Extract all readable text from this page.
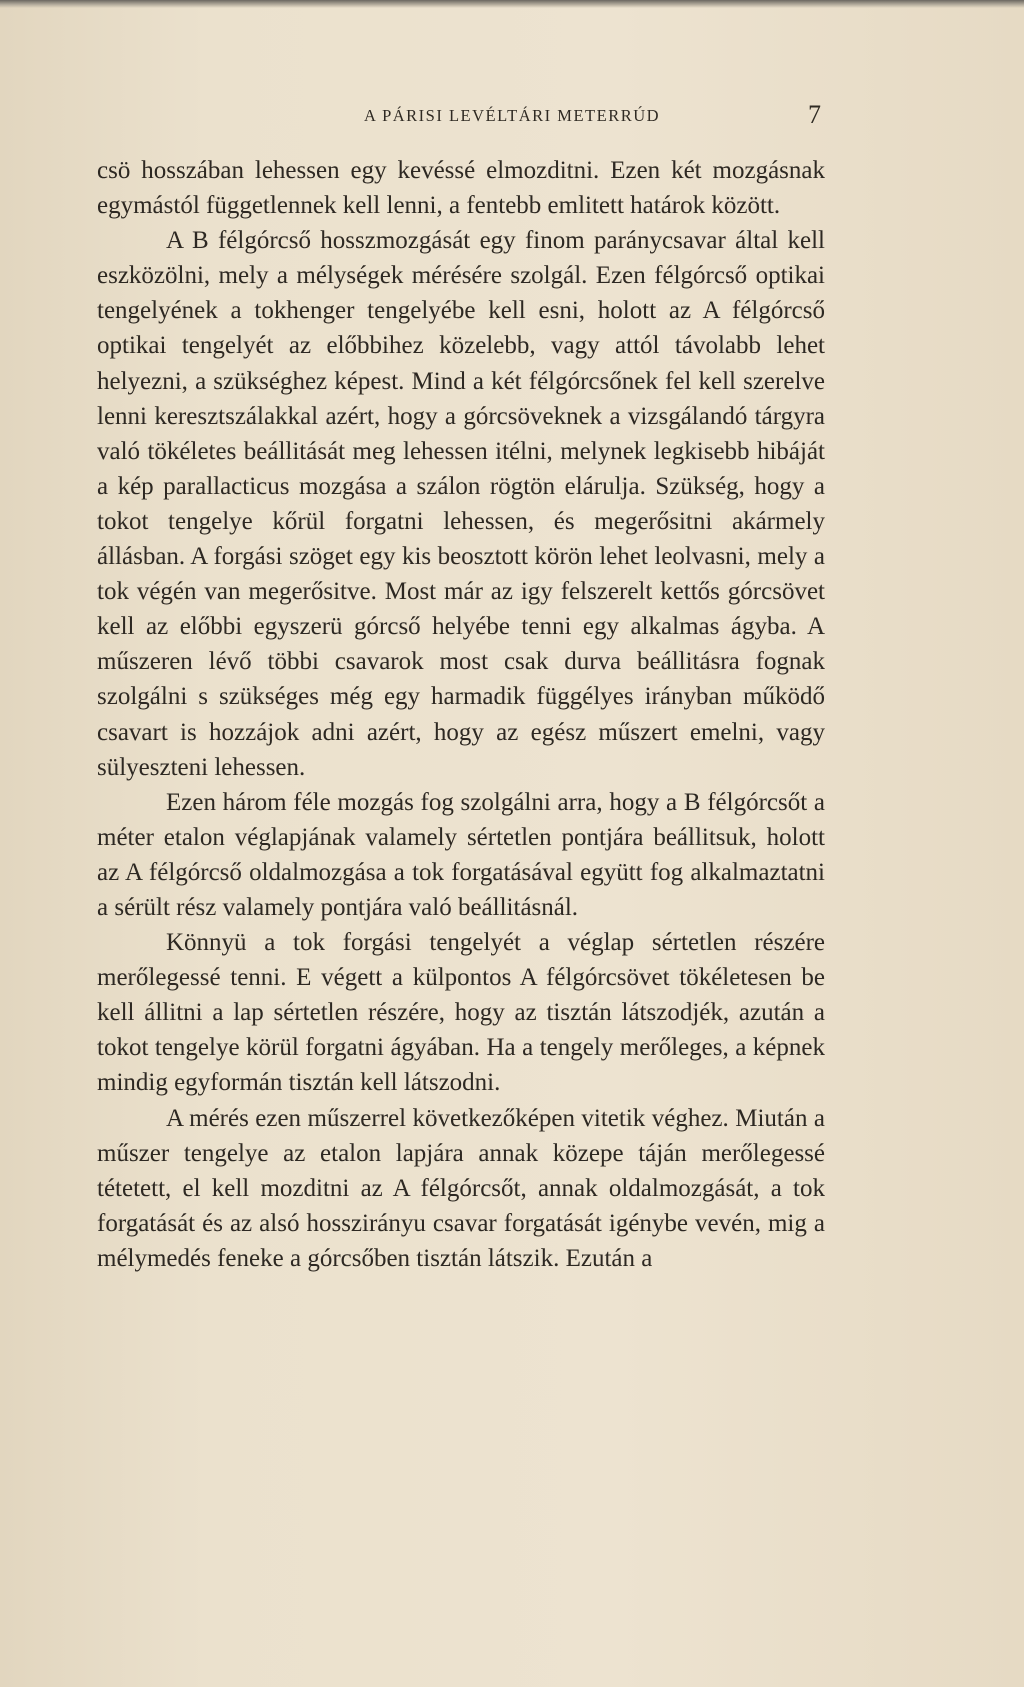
A PÁRISI LEVÉLTÁRI METERRÚD	7

csö hosszában lehessen egy kevéssé elmozditni. Ezen két mozgásnak egymástól függetlennek kell lenni, a fentebb emlitett határok között.

A B félgórcső hosszmozgását egy finom paránycsavar által kell eszközölni, mely a mélységek mérésére szolgál. Ezen félgórcső optikai tengelyének a tokhenger tengelyébe kell esni, holott az A félgórcső optikai tengelyét az előbbihez közelebb, vagy attól távolabb lehet helyezni, a szükséghez képest. Mind a két félgórcsőnek fel kell szerelve lenni keresztszálakkal azért, hogy a górcsöveknek a vizsgálandó tárgyra való tökéletes beállitását meg lehessen itélni, melynek legkisebb hibáját a kép parallacticus mozgása a szálon rögtön elárulja. Szükség, hogy a tokot tengelye kőrül forgatni lehessen, és megerősitni akármely állásban. A forgási szöget egy kis beosztott körön lehet leolvasni, mely a tok végén van megerősitve. Most már az igy felszerelt kettős górcsövet kell az előbbi egyszerü górcső helyébe tenni egy alkalmas ágyba. A műszeren lévő többi csavarok most csak durva beállitásra fognak szolgálni s szükséges még egy harmadik függélyes irányban működő csavart is hozzájok adni azért, hogy az egész műszert emelni, vagy sülyeszteni lehessen.

Ezen három féle mozgás fog szolgálni arra, hogy a B félgórcsőt a méter etalon véglapjának valamely sértetlen pontjára beállitsuk, holott az A félgórcső oldalmozgása a tok forgatásával együtt fog alkalmaztatni a sérült rész valamely pontjára való beállitásnál.

Könnyü a tok forgási tengelyét a véglap sértetlen részére merőlegessé tenni. E végett a külpontos A félgórcsövet tökéletesen be kell állitni a lap sértetlen részére, hogy az tisztán látszodjék, azután a tokot tengelye körül forgatni ágyában. Ha a tengely merőleges, a képnek mindig egyformán tisztán kell látszodni.

A mérés ezen műszerrel következőképen vitetik véghez. Miután a műszer tengelye az etalon lapjára annak közepe táján merőlegessé tétetett, el kell mozditni az A félgórcsőt, annak oldalmozgását, a tok forgatását és az alsó hosszirányu csavar forgatását igénybe vevén, mig a mélymedés feneke a górcsőben tisztán látszik. Ezután a
